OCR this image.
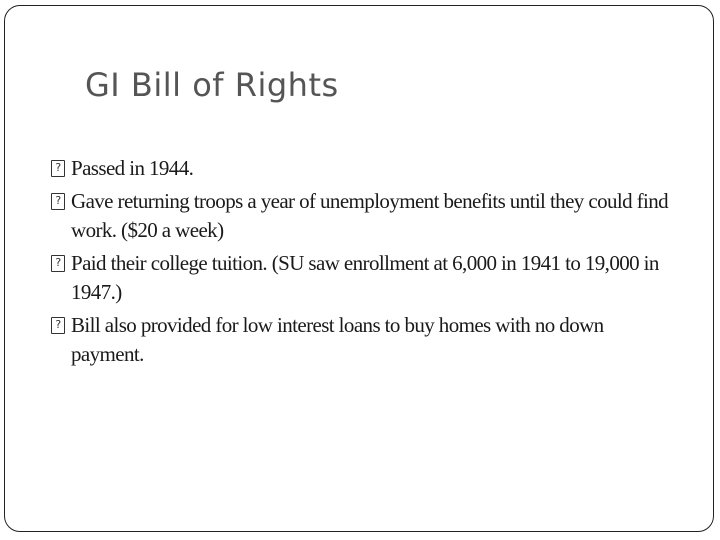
GI Bill of Rights
?
Passed in 1944.
?
Gave returning troops a year of unemployment benefits until they could find work. ($20 a week)
?
Paid their college tuition. (SU saw enrollment at 6,000 in 1941 to 19,000 in 1947.)
?
Bill also provided for low interest loans to buy homes with no down payment.
